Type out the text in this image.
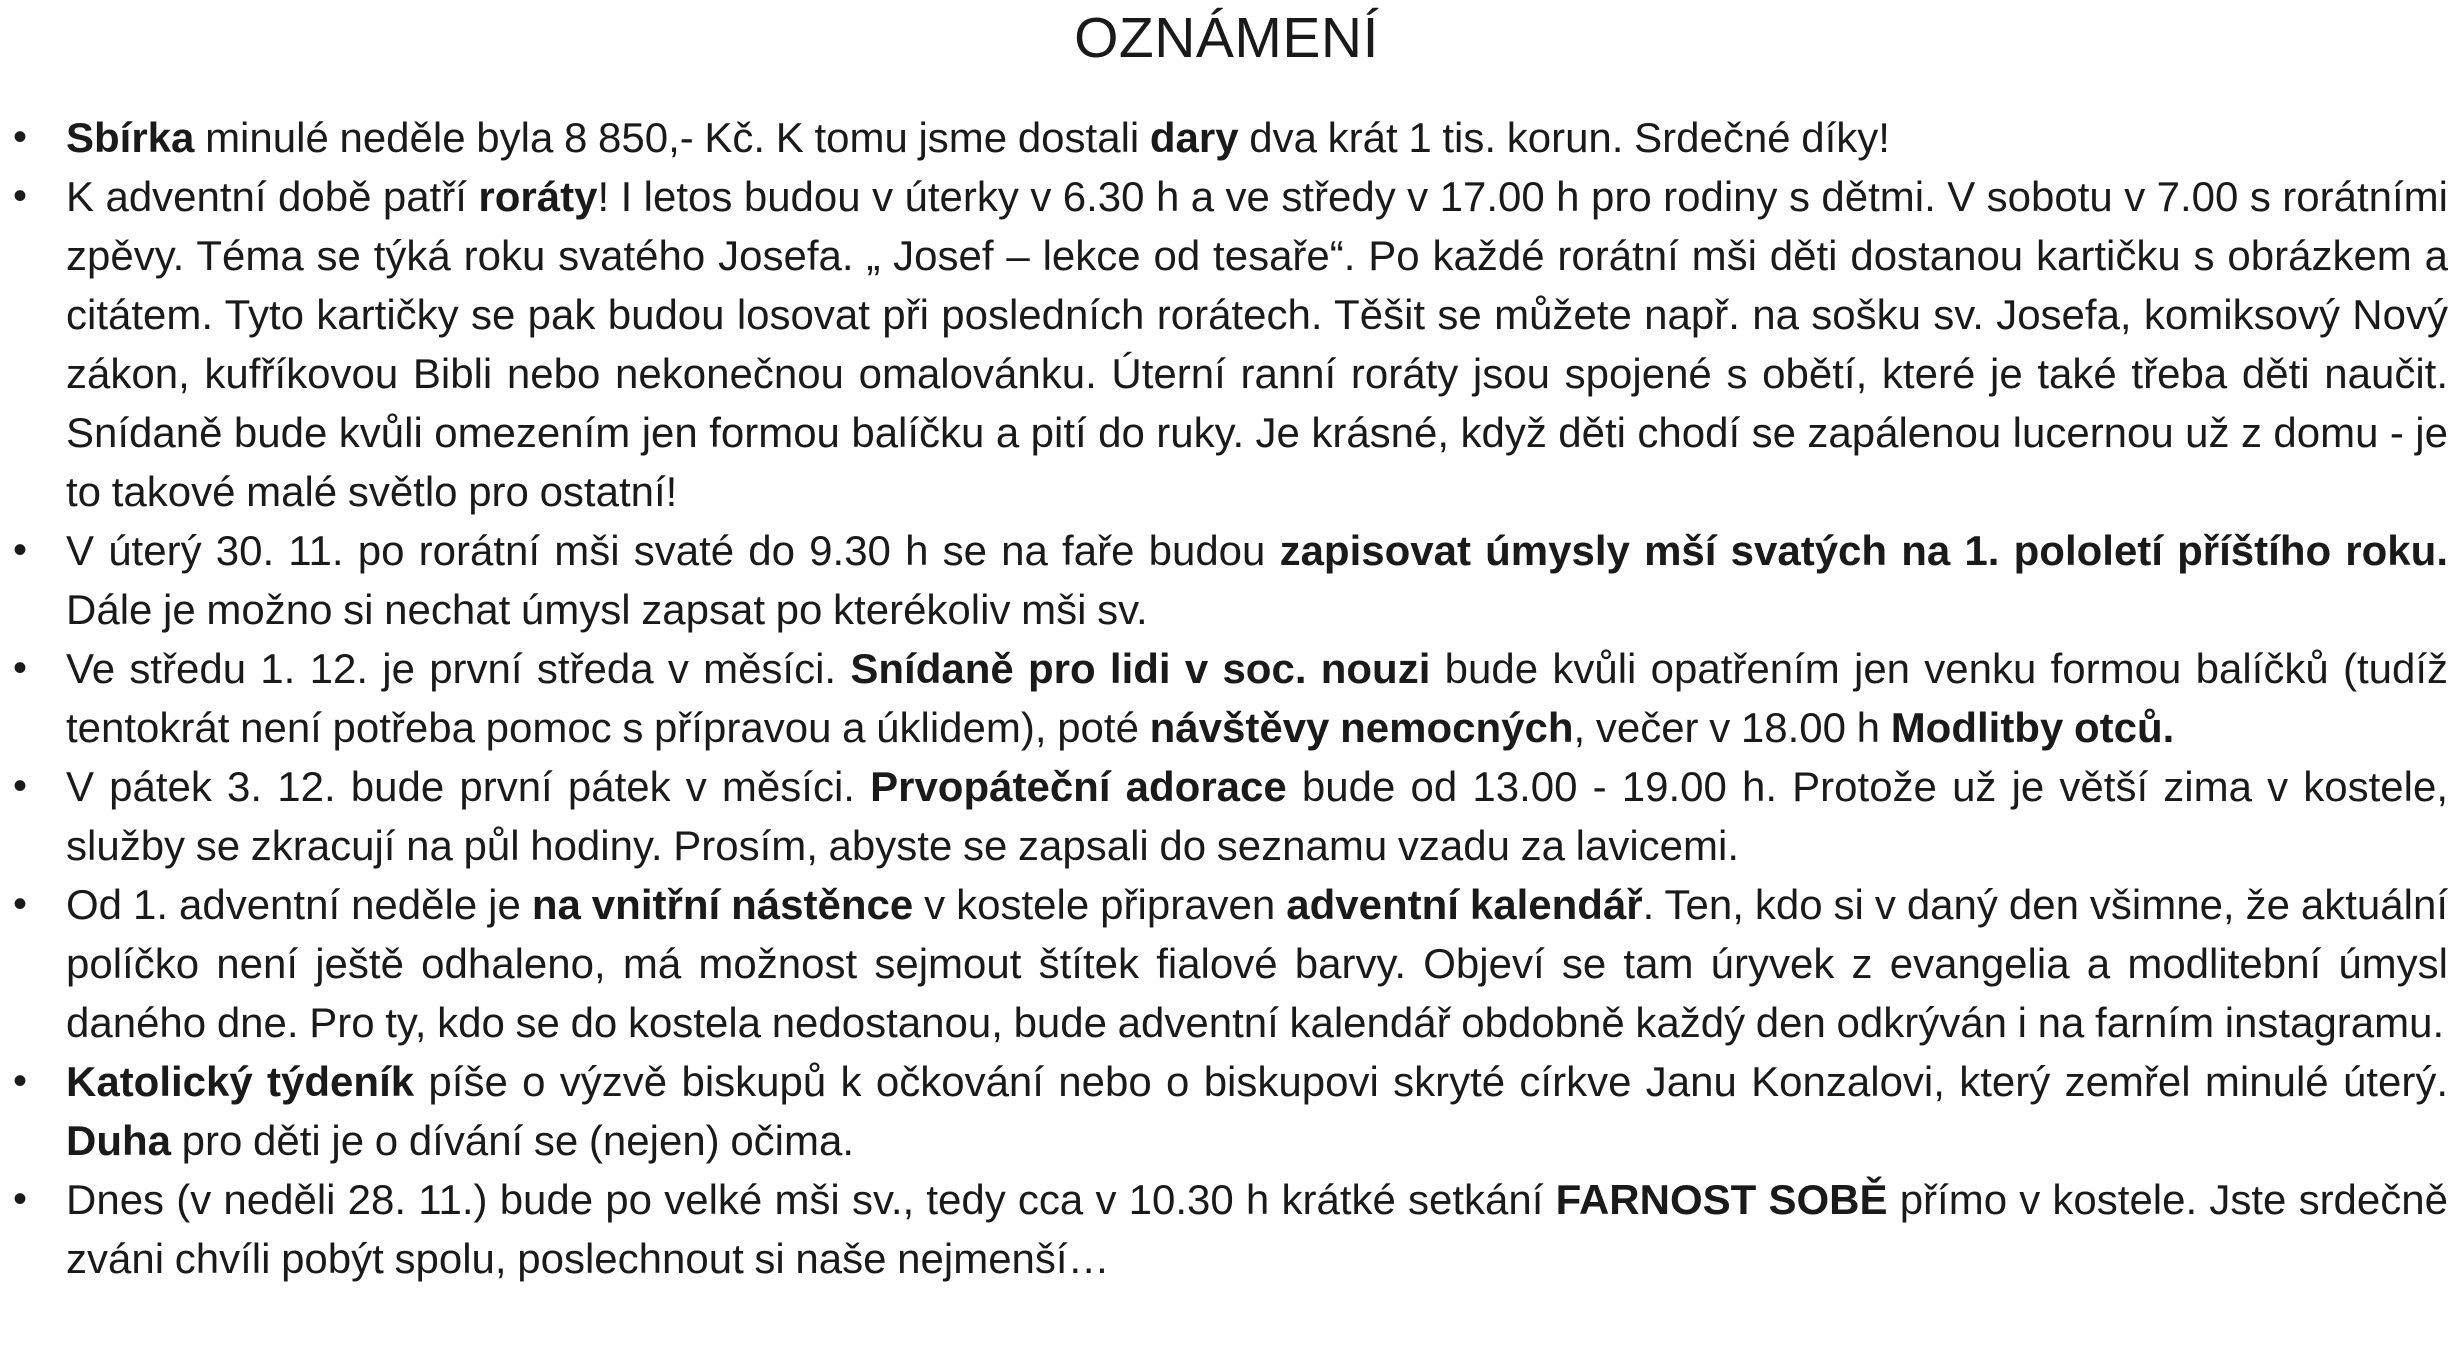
OZNÁMENÍ
• Sbírka minulé neděle byla 8 850,- Kč. K tomu jsme dostali dary dva krát 1 tis. korun. Srdečné díky!
• K adventní době patří roráty! I letos budou v úterky v 6.30 h a ve středy v 17.00 h pro rodiny s dětmi. V sobotu v 7.00 s rorátními zpěvy. Téma se týká roku svatého Josefa. „ Josef – lekce od tesaře“. Po každé rorátní mši děti dostanou kartičku s obrázkem a citátem. Tyto kartičky se pak budou losovat při posledních rorátech. Těšit se můžete např. na sošku sv. Josefa, komiksový Nový zákon, kufříkovou Bibli nebo nekonečnou omalovánku. Úterní ranní roráty jsou spojené s obětí, které je také třeba děti naučit. Snídaně bude kvůli omezením jen formou balíčku a pití do ruky. Je krásné, když děti chodí se zapálenou lucernou už z domu - je to takové malé světlo pro ostatní!
• V úterý 30. 11. po rorátní mši svaté do 9.30 h se na faře budou zapisovat úmysly mší svatých na 1. pololetí příštího roku. Dále je možno si nechat úmysl zapsat po kterékoliv mši sv.
• Ve středu 1. 12. je první středa v měsíci. Snídaně pro lidi v soc. nouzi bude kvůli opatřením jen venku formou balíčků (tudíž tentokrát není potřeba pomoc s přípravou a úklidem), poté návštěvy nemocných, večer v 18.00 h Modlitby otců.
• V pátek 3. 12. bude první pátek v měsíci. Prvopáteční adorace bude od 13.00 - 19.00 h. Protože už je větší zima v kostele, služby se zkracují na půl hodiny. Prosím, abyste se zapsali do seznamu vzadu za lavicemi.
• Od 1. adventní neděle je na vnitřní nástěnce v kostele připraven adventní kalendář. Ten, kdo si v daný den všimne, že aktuální políčko není ještě odhaleno, má možnost sejmout štítek fialové barvy. Objeví se tam úryvek z evangelia a modlitební úmysl daného dne. Pro ty, kdo se do kostela nedostanou, bude adventní kalendář obdobně každý den odkrýván i na farním instagramu.
• Katolický týdeník píše o výzvě biskupů k očkování nebo o biskupovi skryté církve Janu Konzalovi, který zemřel minulé úterý. Duha pro děti je o dívání se (nejen) očima.
• Dnes (v neděli 28. 11.) bude po velké mši sv., tedy cca v 10.30 h krátké setkání FARNOST SOBĚ přímo v kostele. Jste srdečně zváni chvíli pobýt spolu, poslechnout si naše nejmenší…
